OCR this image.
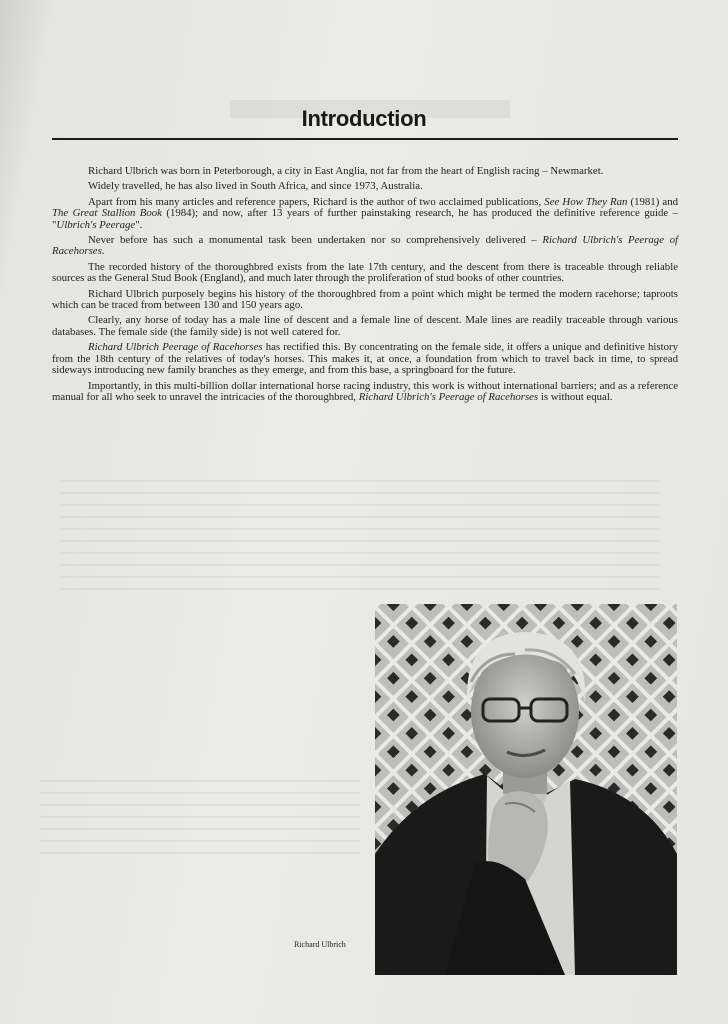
Introduction

Richard Ulbrich was born in Peterborough, a city in East Anglia, not far from the heart of English racing – Newmarket.

Widely travelled, he has also lived in South Africa, and since 1973, Australia.

Apart from his many articles and reference papers, Richard is the author of two acclaimed publications, See How They Ran (1981) and The Great Stallion Book (1984); and now, after 13 years of further painstaking research, he has produced the definitive reference guide – "Ulbrich's Peerage".

Never before has such a monumental task been undertaken nor so comprehensively delivered – Richard Ulbrich's Peerage of Racehorses.

The recorded history of the thoroughbred exists from the late 17th century, and the descent from there is traceable through reliable sources as the General Stud Book (England), and much later through the proliferation of stud books of other countries.

Richard Ulbrich purposely begins his history of the thoroughbred from a point which might be termed the modern racehorse; taproots which can be traced from between 130 and 150 years ago.

Clearly, any horse of today has a male line of descent and a female line of descent. Male lines are readily traceable through various databases. The female side (the family side) is not well catered for.

Richard Ulbrich Peerage of Racehorses has rectified this. By concentrating on the female side, it offers a unique and definitive history from the 18th century of the relatives of today's horses. This makes it, at once, a foundation from which to travel back in time, to spread sideways introducing new family branches as they emerge, and from this base, a springboard for the future.

Importantly, in this multi-billion dollar international horse racing industry, this work is without international barriers; and as a reference manual for all who seek to unravel the intricacies of the thoroughbred, Richard Ulbrich's Peerage of Racehorses is without equal.

Richard Ulbrich
